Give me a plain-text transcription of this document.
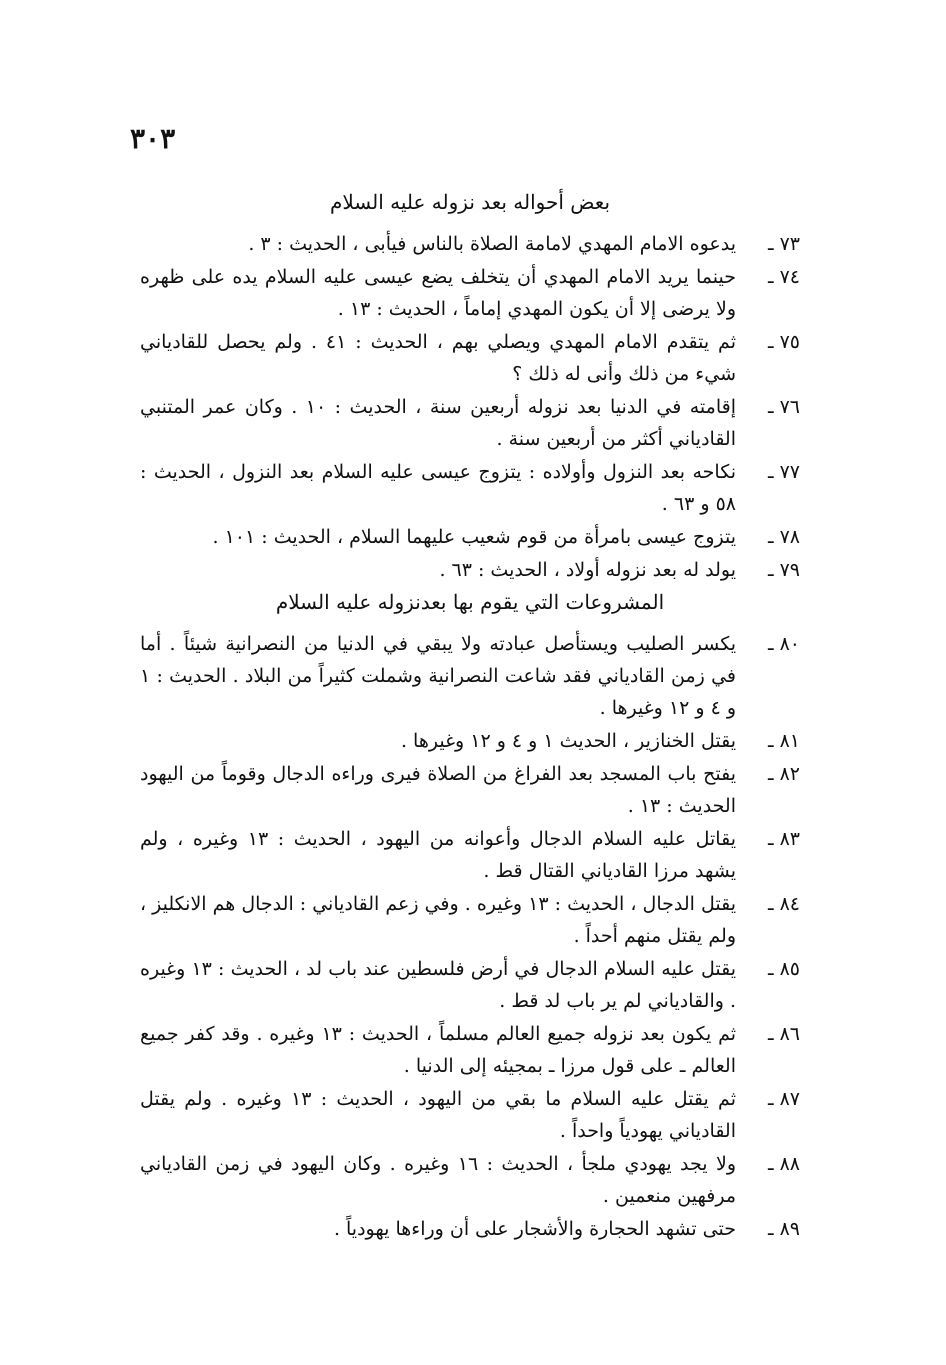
٣٠٣
بعض أحواله بعد نزوله عليه السلام
٧٣ ـ
يدعوه الامام المهدي لامامة الصلاة بالناس فيأبى ، الحديث : ٣ .
٧٤ ـ
حينما يريد الامام المهدي أن يتخلف يضع عيسى عليه السلام يده على ظهره ولا يرضى إلا أن يكون المهدي إماماً ، الحديث : ١٣ .
٧٥ ـ
ثم يتقدم الامام المهدي ويصلي بهم ، الحديث : ٤١ . ولم يحصل للقادياني شيء من ذلك وأنى له ذلك ؟
٧٦ ـ
إقامته في الدنيا بعد نزوله أربعين سنة ، الحديث : ١٠ . وكان عمر المتنبي القادياني أكثر من أربعين سنة .
٧٧ ـ
نكاحه بعد النزول وأولاده : يتزوج عيسى عليه السلام بعد النزول ، الحديث : ٥٨ و ٦٣ .
٧٨ ـ
يتزوج عيسى بامرأة من قوم شعيب عليهما السلام ، الحديث : ١٠١ .
٧٩ ـ
يولد له بعد نزوله أولاد ، الحديث : ٦٣ .
المشروعات التي يقوم بها بعدنزوله عليه السلام
٨٠ ـ
يكسر الصليب ويستأصل عبادته ولا يبقي في الدنيا من النصرانية شيئاً . أما في زمن القادياني فقد شاعت النصرانية وشملت كثيراً من البلاد . الحديث : ١ و ٤ و ١٢ وغيرها .
٨١ ـ
يقتل الخنازير ، الحديث ١ و ٤ و ١٢ وغيرها .
٨٢ ـ
يفتح باب المسجد بعد الفراغ من الصلاة فيرى وراءه الدجال وقوماً من اليهود الحديث : ١٣ .
٨٣ ـ
يقاتل عليه السلام الدجال وأعوانه من اليهود ، الحديث : ١٣ وغيره ، ولم يشهد مرزا القادياني القتال قط .
٨٤ ـ
يقتل الدجال ، الحديث : ١٣ وغيره . وفي زعم القادياني : الدجال هم الانكليز ، ولم يقتل منهم أحداً .
٨٥ ـ
يقتل عليه السلام الدجال في أرض فلسطين عند باب لد ، الحديث : ١٣ وغيره . والقادياني لم ير باب لد قط .
٨٦ ـ
ثم يكون بعد نزوله جميع العالم مسلماً ، الحديث : ١٣ وغيره . وقد كفر جميع العالم ـ على قول مرزا ـ بمجيئه إلى الدنيا .
٨٧ ـ
ثم يقتل عليه السلام ما بقي من اليهود ، الحديث : ١٣ وغيره . ولم يقتل القادياني يهودياً واحداً .
٨٨ ـ
ولا يجد يهودي ملجأ ، الحديث : ١٦ وغيره . وكان اليهود في زمن القادياني مرفهين منعمين .
٨٩ ـ
حتى تشهد الحجارة والأشجار على أن وراءها يهودياً .
